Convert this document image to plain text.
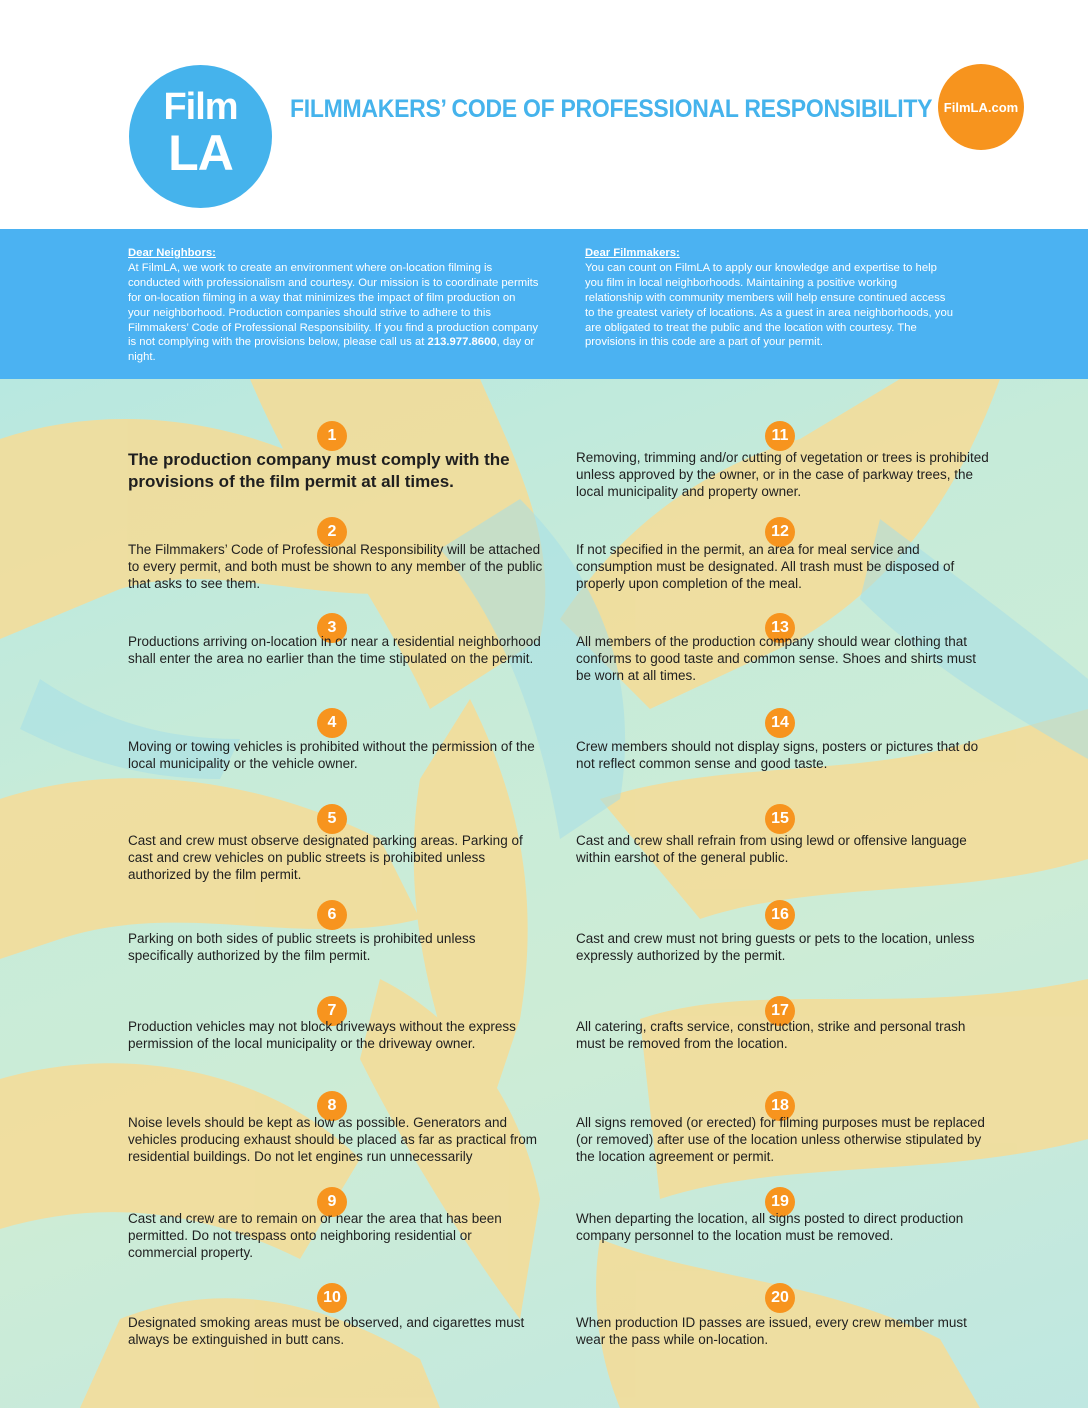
Film
LA
FILMMAKERS’ CODE OF PROFESSIONAL RESPONSIBILITY FilmLA.com
Dear Neighbors:
At FilmLA, we work to create an environment where on-location filming is conducted with professionalism and courtesy. Our mission is to coordinate permits for on-location filming in a way that minimizes the impact of film production on your neighborhood. Production companies should strive to adhere to this Filmmakers’ Code of Professional Responsibility. If you find a production company is not complying with the provisions below, please call us at 213.977.8600, day or night.
Dear Filmmakers:
You can count on FilmLA to apply our knowledge and expertise to help you film in local neighborhoods. Maintaining a positive working relationship with community members will help ensure continued access to the greatest variety of locations. As a guest in area neighborhoods, you are obligated to treat the public and the location with courtesy. The provisions in this code are a part of your permit.
1
The production company must comply with the provisions of the film permit at all times.
2
The Filmmakers’ Code of Professional Responsibility will be attached to every permit, and both must be shown to any member of the public that asks to see them.
3
Productions arriving on-location in or near a residential neighborhood shall enter the area no earlier than the time stipulated on the permit.
4
Moving or towing vehicles is prohibited without the permission of the local municipality or the vehicle owner.
5
Cast and crew must observe designated parking areas. Parking of cast and crew vehicles on public streets is prohibited unless authorized by the film permit.
6
Parking on both sides of public streets is prohibited unless specifically authorized by the film permit.
7
Production vehicles may not block driveways without the express permission of the local municipality or the driveway owner.
8
Noise levels should be kept as low as possible. Generators and vehicles producing exhaust should be placed as far as practical from residential buildings. Do not let engines run unnecessarily
9
Cast and crew are to remain on or near the area that has been permitted. Do not trespass onto neighboring residential or commercial property.
10
Designated smoking areas must be observed, and cigarettes must always be extinguished in butt cans.
11
Removing, trimming and/or cutting of vegetation or trees is prohibited unless approved by the owner, or in the case of parkway trees, the local municipality and property owner.
12
If not specified in the permit, an area for meal service and consumption must be designated. All trash must be disposed of properly upon completion of the meal.
13
All members of the production company should wear clothing that conforms to good taste and common sense. Shoes and shirts must be worn at all times.
14
Crew members should not display signs, posters or pictures that do not reflect common sense and good taste.
15
Cast and crew shall refrain from using lewd or offensive language within earshot of the general public.
16
Cast and crew must not bring guests or pets to the location, unless expressly authorized by the permit.
17
All catering, crafts service, construction, strike and personal trash must be removed from the location.
18
All signs removed (or erected) for filming purposes must be replaced (or removed) after use of the location unless otherwise stipulated by the location agreement or permit.
19
When departing the location, all signs posted to direct production company personnel to the location must be removed.
20
When production ID passes are issued, every crew member must wear the pass while on-location.
